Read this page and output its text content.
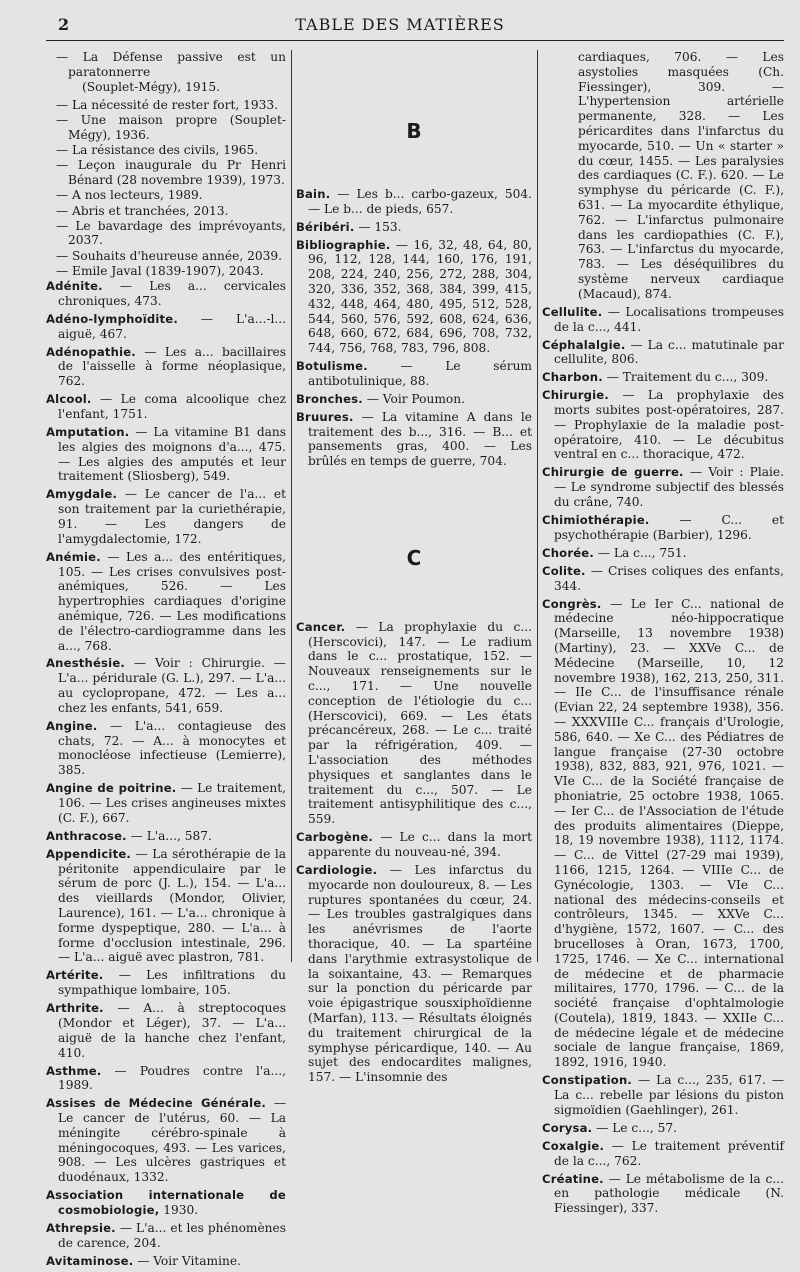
2	TABLE DES MATIÈRES

— La Défense passive est un paratonnerre

(Souplet-Mégy), 1915.

— La nécessité de rester fort, 1933.

— Une maison propre (Souplet-Mégy), 1936.

— La résistance des civils, 1965.

— Leçon inaugurale du Pr Henri Bénard (28 novembre 1939), 1973.

— A nos lecteurs, 1989.

— Abris et tranchées, 2013.

— Le bavardage des imprévoyants, 2037.

— Souhaits d'heureuse année, 2039.

— Emile Javal (1839-1907), 2043.

Adénite. — Les a... cervicales chroniques, 473.

Adéno-lymphoïdite. — L'a...-l... aiguë, 467.

Adénopathie. — Les a... bacillaires de l'aisselle à forme néoplasique, 762.

Alcool. — Le coma alcoolique chez l'enfant, 1751.

Amputation. — La vitamine B1 dans les algies des moignons d'a..., 475. — Les algies des amputés et leur traitement (Sliosberg), 549.

Amygdale. — Le cancer de l'a... et son traitement par la curiethérapie, 91. — Les dangers de l'amygdalectomie, 172.

Anémie. — Les a... des entéritiques, 105. — Les crises convulsives post-anémiques, 526. — Les hypertrophies cardiaques d'origine anémique, 726. — Les modifications de l'électro-cardiogramme dans les a..., 768.

Anesthésie. — Voir : Chirurgie. — L'a... péridurale (G. L.), 297. — L'a... au cyclopropane, 472. — Les a... chez les enfants, 541, 659.

Angine. — L'a... contagieuse des chats, 72. — A... à monocytes et monocléose infectieuse (Lemierre), 385.

Angine de poitrine. — Le traitement, 106. — Les crises angineuses mixtes (C. F.), 667.

Anthracose. — L'a..., 587.

Appendicite. — La sérothérapie de la péritonite appendiculaire par le sérum de porc (J. L.), 154. — L'a... des vieillards (Mondor, Olivier, Laurence), 161. — L'a... chronique à forme dyspeptique, 280. — L'a... à forme d'occlusion intestinale, 296. — L'a... aiguë avec plastron, 781.

Artérite. — Les infiltrations du sympathique lombaire, 105.

Arthrite. — A... à streptocoques (Mondor et Léger), 37. — L'a... aiguë de la hanche chez l'enfant, 410.

Asthme. — Poudres contre l'a..., 1989.

Assises de Médecine Générale. — Le cancer de l'utérus, 60. — La méningite cérébro-spinale à méningocoques, 493. — Les varices, 908. — Les ulcères gastriques et duodénaux, 1332.

Association internationale de cosmobiologie, 1930.

Athrepsie. — L'a... et les phénomènes de carence, 204.

Avitaminose. — Voir Vitamine.

B

Bain. — Les b... carbo-gazeux, 504. — Le b... de pieds, 657.

Béribéri. — 153.

Bibliographie. — 16, 32, 48, 64, 80, 96, 112, 128, 144, 160, 176, 191, 208, 224, 240, 256, 272, 288, 304, 320, 336, 352, 368, 384, 399, 415, 432, 448, 464, 480, 495, 512, 528, 544, 560, 576, 592, 608, 624, 636, 648, 660, 672, 684, 696, 708, 732, 744, 756, 768, 783, 796, 808.

Botulisme.	— Le sérum antibotulinique, 88.

Bronches. — Voir Poumon.

Bruures. — La vitamine A dans le traitement des b..., 316. — B... et pansements gras, 400. — Les brûlés en temps de guerre, 704.

C

Cancer. — La prophylaxie du c... (Herscovici), 147. — Le radium dans le c... prostatique, 152. — Nouveaux renseignements sur le c..., 171. — Une nouvelle conception de l'étiologie du c... (Herscovici), 669. — Les états précancéreux, 268. — Le c... traité par la réfrigération, 409. — L'association des méthodes physiques et sanglantes dans le traitement du c..., 507. — Le traitement antisyphilitique des c..., 559.

Carbogène. — Le c... dans la mort apparente du nouveau-né, 394.

Cardiologie. — Les infarctus du myocarde non douloureux, 8. — Les ruptures spontanées du cœur, 24. — Les troubles gastralgiques dans les anévrismes de l'aorte thoracique, 40. — La spartéine dans l'arythmie extrasystolique de la soixantaine, 43. — Remarques sur la ponction du péricarde par voie épigastrique sousxiphoïdienne (Marfan), 113. — Résultats éloignés du traitement chirurgical de la symphyse péricardique, 140. — Au sujet des endocardites malignes, 157. — L'insomnie des

cardiaques, 706. — Les asystolies masquées (Ch. Fiessinger), 309. — L'hypertension artérielle permanente, 328. — Les péricardites dans l'infarctus du myocarde, 510. — Un « starter » du cœur, 1455. — Les paralysies des cardiaques (C. F.). 620. — Le symphyse du péricarde (C. F.), 631. — La myocardite éthylique, 762. — L'infarctus pulmonaire dans les cardiopathies (C. F.), 763. — L'infarctus du myocarde, 783. — Les déséquilibres du système nerveux cardiaque (Macaud), 874.

Cellulite. — Localisations trompeuses de la c..., 441.

Céphalalgie. — La c... matutinale par cellulite, 806.

Charbon. — Traitement du c..., 309.

Chirurgie. — La prophylaxie des morts subites post-opératoires, 287. — Prophylaxie de la maladie post-opératoire, 410. — Le décubitus ventral en c... thoracique, 472.

Chirurgie de guerre. — Voir : Plaie. — Le syndrome subjectif des blessés du crâne, 740.

Chimiothérapie. — C... et psychothérapie (Barbier), 1296.

Chorée. — La c..., 751.

Colite. — Crises coliques des enfants, 344.

Congrès. — Le Ier C... national de médecine néo-hippocratique (Marseille, 13 novembre 1938) (Martiny), 23. — XXVe C... de Médecine (Marseille, 10, 12 novembre 1938), 162, 213, 250, 311. — IIe C... de l'insuffisance rénale (Evian 22, 24 septembre 1938), 356. — XXXVIIIe C... français d'Urologie, 586, 640. — Xe C... des Pédiatres de langue française (27-30 octobre 1938), 832, 883, 921, 976, 1021. — VIe C... de la Société française de phoniatrie, 25 octobre 1938, 1065. — Ier C... de l'Association de l'étude des produits alimentaires (Dieppe, 18, 19 novembre 1938), 1112, 1174. — C... de Vittel (27-29 mai 1939), 1166, 1215, 1264. — VIIIe C... de Gynécologie, 1303. — VIe C... national des médecins-conseils et contrôleurs, 1345. — XXVe C... d'hygiène, 1572, 1607. — C... des brucelloses à Oran, 1673, 1700, 1725, 1746. — Xe C... international de médecine et de pharmacie militaires, 1770, 1796. — C... de la société française d'ophtalmologie (Coutela), 1819, 1843. — XXIIe C... de médecine légale et de médecine sociale de langue française, 1869, 1892, 1916, 1940.

Constipation. — La c..., 235, 617. — La c... rebelle par lésions du piston sigmoïdien (Gaehlinger), 261.

Corysa. — Le c..., 57.

Coxalgie. — Le traitement préventif de la c..., 762.

Créatine. — Le métabolisme de la c... en pathologie médicale (N. Fiessinger), 337.
